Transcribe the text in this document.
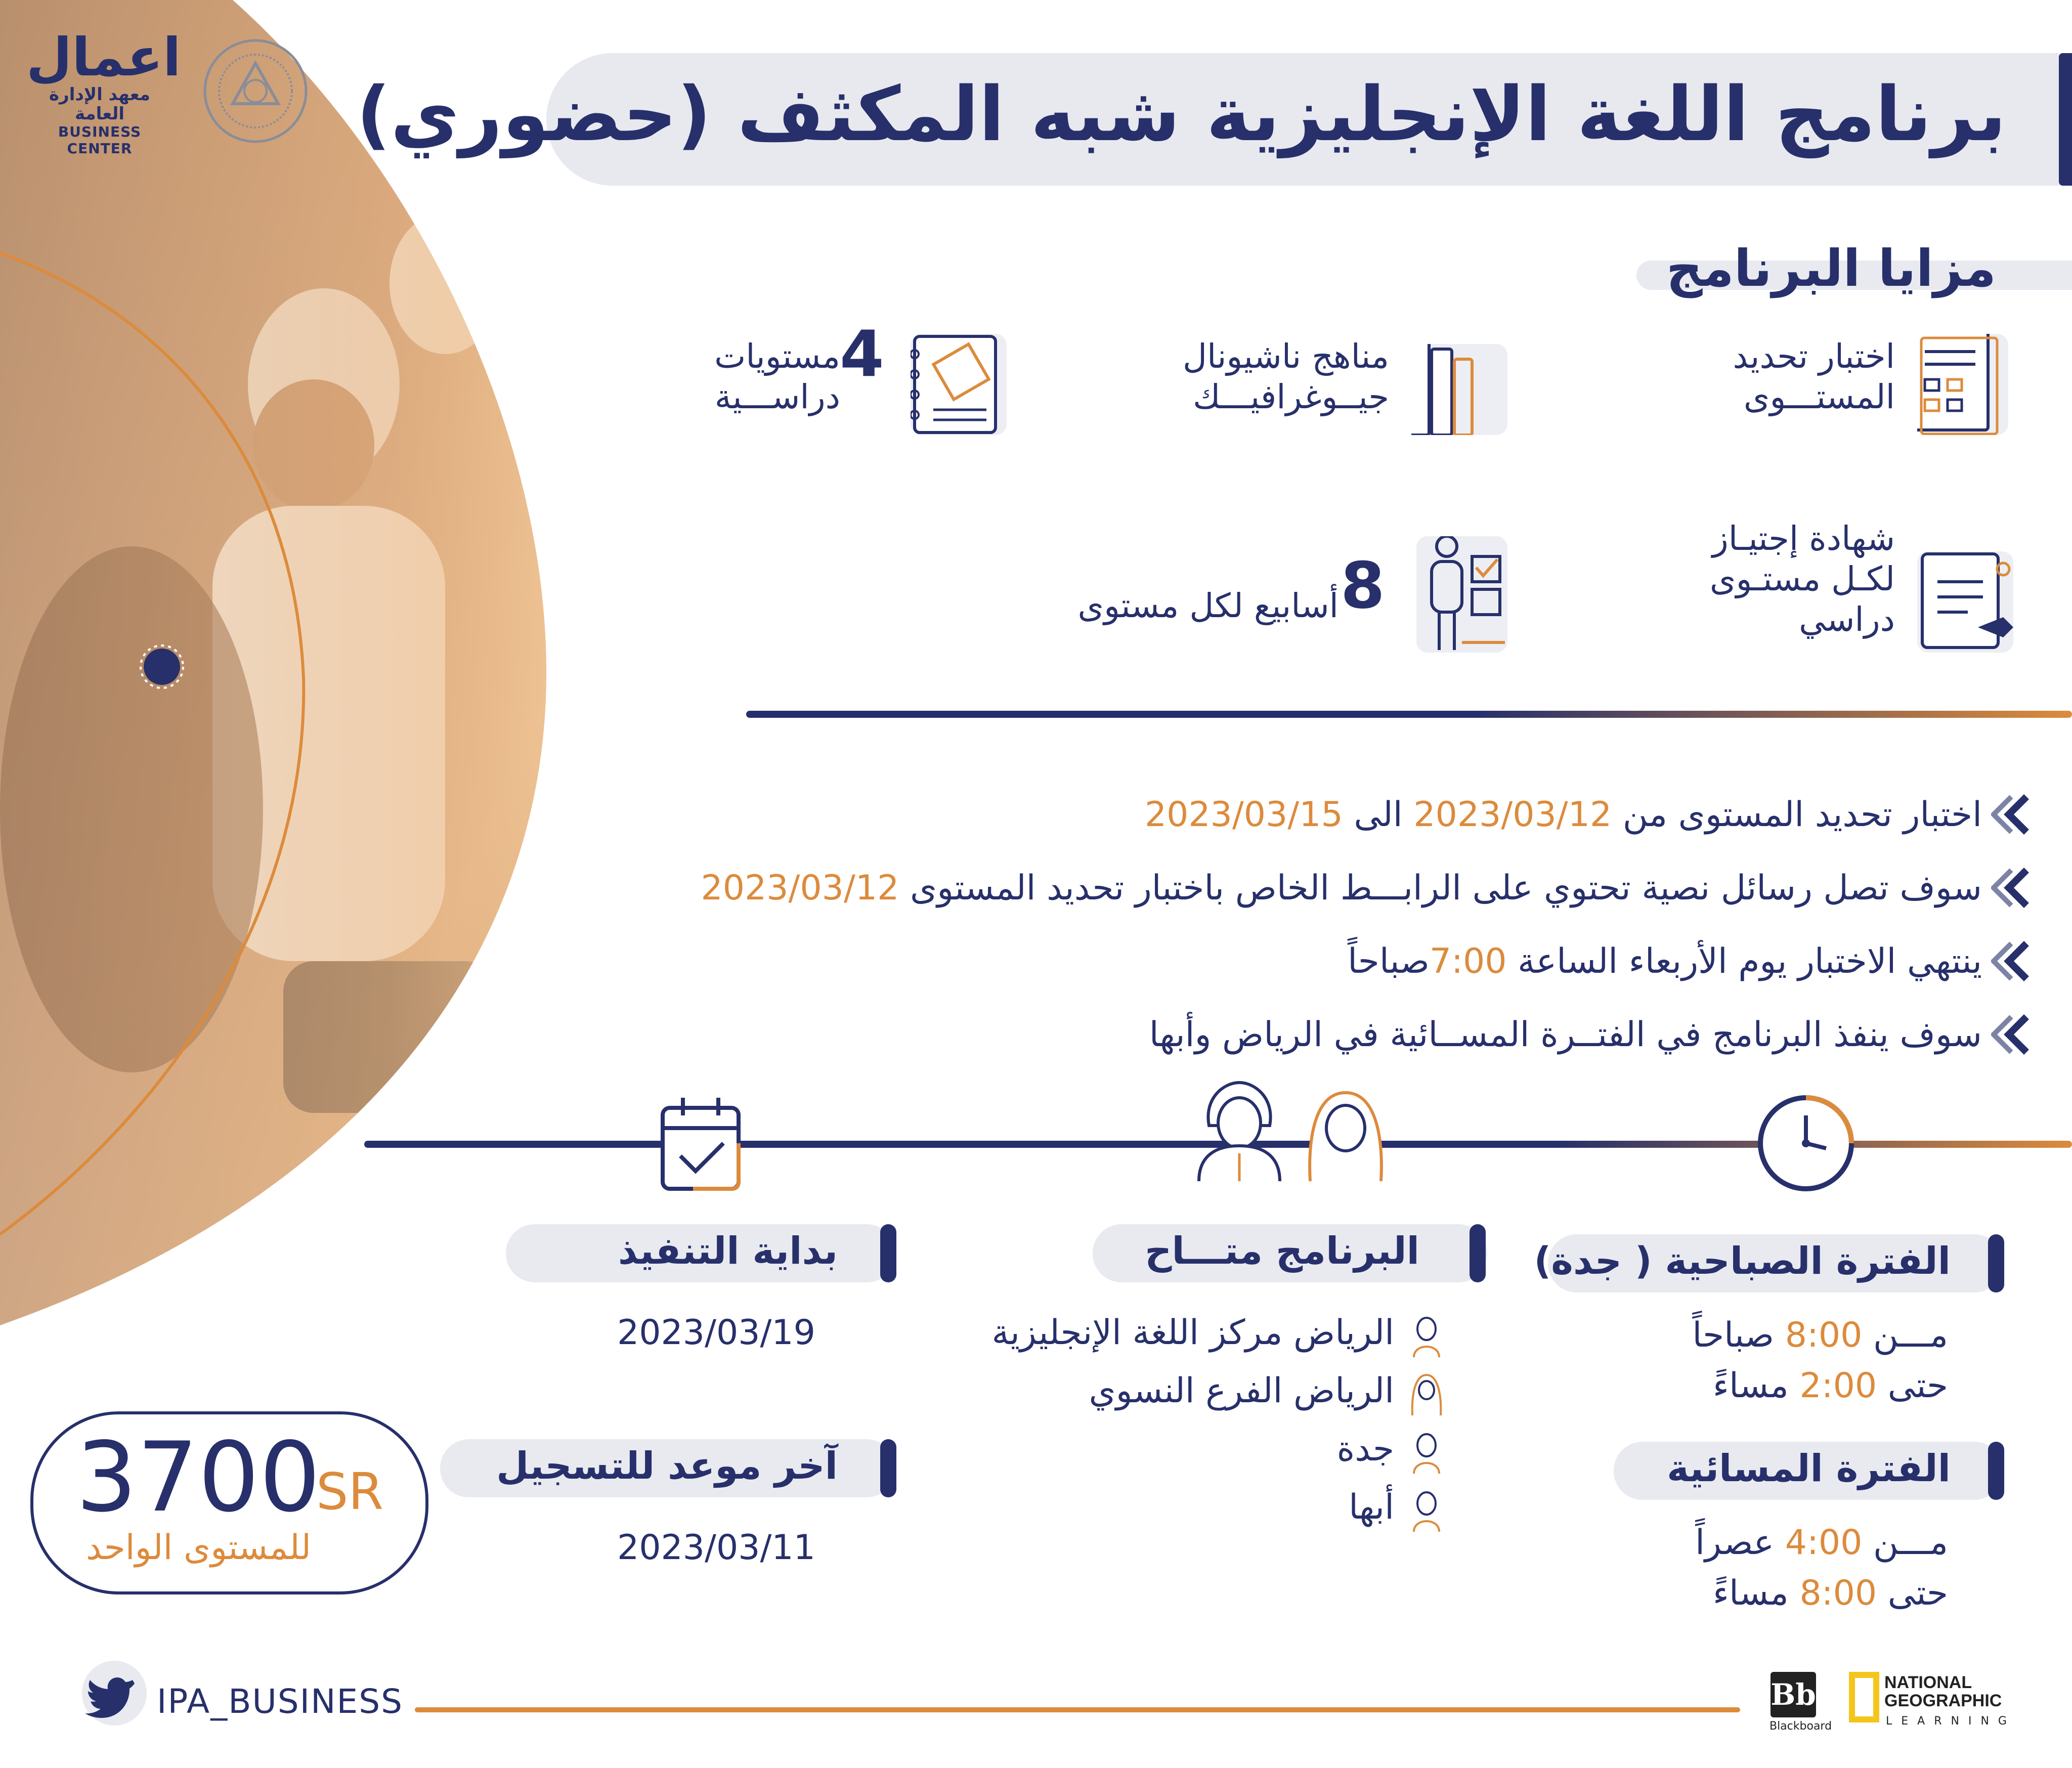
اعمال
معهد الإدارة العامة
BUSINESS CENTER	برنامج اللغة الإنجليزية شبه المكثف (حضوري)
مزايا البرنامج
اختبار تحديد
المستـــوى
مناهج ناشيونال
جيــوغرافيـــك
4
مستويات
دراســـية
شهادة إجتيـاز
لكـل مستـوى
دراسي
8
أسابيع لكل مستوى
اختبار تحديد المستوى من 2023/03/12 الى 2023/03/15
سوف تصل رسائل نصية تحتوي على الرابـــط الخاص باختبار تحديد المستوى 2023/03/12
ينتهي الاختبار يوم الأربعاء الساعة 7:00صباحاً
سوف ينفذ البرنامج في الفتــرة المســائية في الرياض وأبها
الفترة الصباحية ( جدة)
مـــن 8:00 صباحاً
حتى 2:00 مساءً
الفترة المسائية
مـــن 4:00 عصراً
حتى 8:00 مساءً
البرنامج متـــاح
الرياض مركز اللغة الإنجليزية
الرياض الفرع النسوي
جدة
أبها
بداية التنفيذ
2023/03/19
آخر موعد للتسجيل
2023/03/11
3700
SR
للمستوى الواحد
IPA_BUSINESS	Bb
Blackboard
NATIONAL
GEOGRAPHIC
LEARNING
